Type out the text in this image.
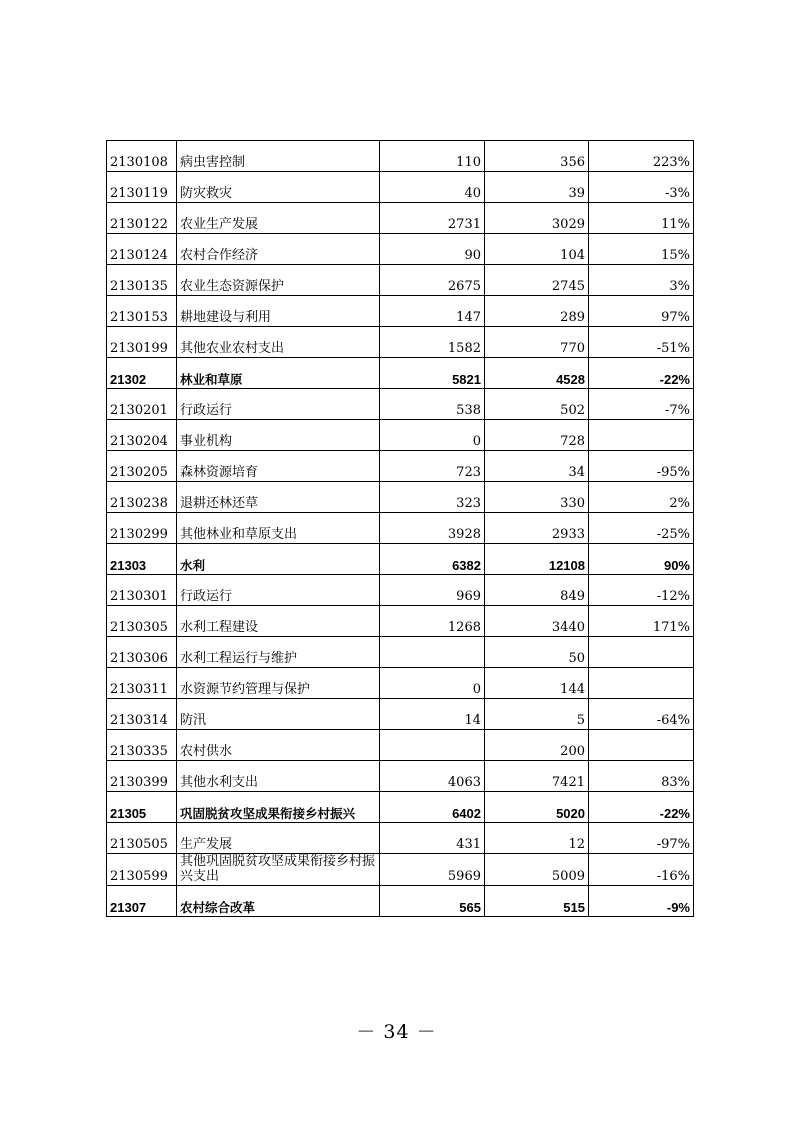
2130108	病虫害控制	110	356	223%
2130119	防灾救灾	40	39	-3%
2130122	农业生产发展	2731	3029	11%
2130124	农村合作经济	90	104	15%
2130135	农业生态资源保护	2675	2745	3%
2130153	耕地建设与利用	147	289	97%
2130199	其他农业农村支出	1582	770	-51%
21302	林业和草原	5821	4528	-22%
2130201	行政运行	538	502	-7%
2130204	事业机构	0	728	
2130205	森林资源培育	723	34	-95%
2130238	退耕还林还草	323	330	2%
2130299	其他林业和草原支出	3928	2933	-25%
21303	水利	6382	12108	90%
2130301	行政运行	969	849	-12%
2130305	水利工程建设	1268	3440	171%
2130306	水利工程运行与维护		50	
2130311	水资源节约管理与保护	0	144	
2130314	防汛	14	5	-64%
2130335	农村供水		200	
2130399	其他水利支出	4063	7421	83%
21305	巩固脱贫攻坚成果衔接乡村振兴	6402	5020	-22%
2130505	生产发展	431	12	-97%
2130599	其他巩固脱贫攻坚成果衔接乡村振兴支出	5969	5009	-16%
21307	农村综合改革	565	515	-9%
－ 34 －
